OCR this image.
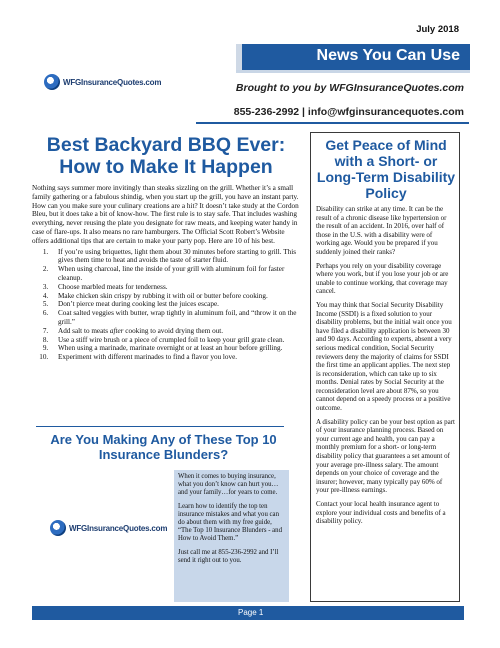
July 2018
News You Can Use
WFGInsuranceQuotes.com	Brought to you by WFGInsuranceQuotes.com
855-236-2992 | info@wfginsurancequotes.com
Best Backyard BBQ Ever: How to Make It Happen

Nothing says summer more invitingly than steaks sizzling on the grill. Whether it’s a small family gathering or a fabulous shindig, when you start up the grill, you have an instant party. How can you make sure your culinary creations are a hit? It doesn’t take study at the Cordon Bleu, but it does take a bit of know-how. The first rule is to stay safe. That includes washing everything, never reusing the plate you designate for raw meats, and keeping water handy in case of flare-ups. It also means no rare hamburgers. The Official Scott Robert’s Website offers additional tips that are certain to make your party pop. Here are 10 of his best.

1. If you’re using briquettes, light them about 30 minutes before starting to grill. This gives them time to heat and avoids the taste of starter fluid.
2. When using charcoal, line the inside of your grill with aluminum foil for faster cleanup.
3. Choose marbled meats for tenderness.
4. Make chicken skin crispy by rubbing it with oil or butter before cooking.
5. Don’t pierce meat during cooking lest the juices escape.
6. Coat salted veggies with butter, wrap tightly in aluminum foil, and “throw it on the grill.”
7. Add salt to meats after cooking to avoid drying them out.
8. Use a stiff wire brush or a piece of crumpled foil to keep your grill grate clean.
9. When using a marinade, marinate overnight or at least an hour before grilling.
10. Experiment with different marinades to find a flavor you love.
Get Peace of Mind with a Short- or Long-Term Disability Policy

Disability can strike at any time. It can be the result of a chronic disease like hypertension or the result of an accident. In 2016, over half of those in the U.S. with a disability were of working age. Would you be prepared if you suddenly joined their ranks?

Perhaps you rely on your disability coverage where you work, but if you lose your job or are unable to continue working, that coverage may cancel.

You may think that Social Security Disability Income (SSDI) is a fixed solution to your disability problems, but the initial wait once you have filed a disability application is between 30 and 90 days. According to experts, absent a very serious medical condition, Social Security reviewers deny the majority of claims for SSDI the first time an applicant applies. The next step is reconsideration, which can take up to six months. Denial rates by Social Security at the reconsideration level are about 87%, so you cannot depend on a speedy process or a positive outcome.

A disability policy can be your best option as part of your insurance planning process. Based on your current age and health, you can pay a monthly premium for a short- or long-term disability policy that guarantees a set amount of your average pre-illness salary. The amount depends on your choice of coverage and the insurer; however, many typically pay 60% of your pre-illness earnings.

Contact your local health insurance agent to explore your individual costs and benefits of a disability policy.

Are You Making Any of These Top 10 Insurance Blunders?
WFGInsuranceQuotes.com

When it comes to buying insurance, what you don’t know can hurt you… and your family…for years to come.

Learn how to identify the top ten insurance mistakes and what you can do about them with my free guide, “The Top 10 Insurance Blunders - and How to Avoid Them.”

Just call me at 855-236-2992 and I’ll send it right out to you.

Page 1
